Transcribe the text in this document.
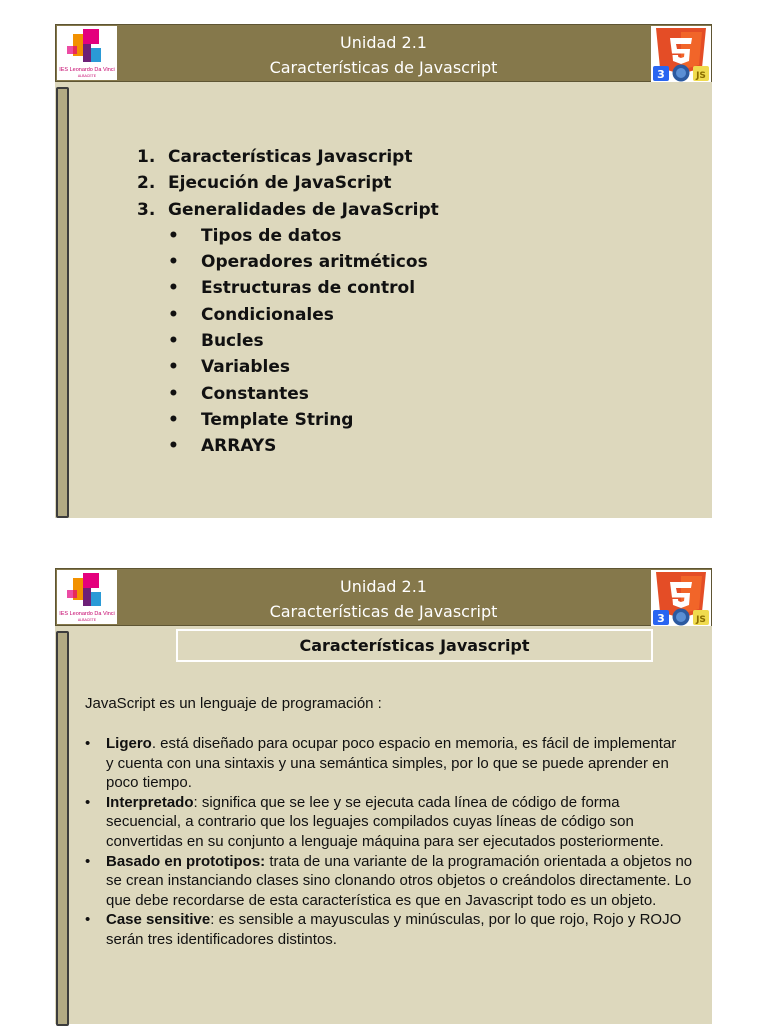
IES Leonardo Da Vinci
ALBACETE
Unidad 2.1
Características de Javascript	3	JS
1. Características Javascript
2. Ejecución de JavaScript
3. Generalidades de JavaScript
• Tipos de datos
• Operadores aritméticos
• Estructuras de control
• Condicionales
• Bucles
• Variables
• Constantes
• Template String
• ARRAYS
IES Leonardo Da Vinci
ALBACETE
Unidad 2.1
Características de Javascript	3	JS
Características Javascript
JavaScript es un lenguaje de programación :
• Ligero. está diseñado para ocupar poco espacio en memoria, es fácil de implementar
y cuenta con una sintaxis y una semántica simples, por lo que se puede aprender en poco tiempo.
• Interpretado: significa que se lee y se ejecuta cada línea de código de forma secuencial, a contrario que los leguajes compilados cuyas líneas de código son convertidas en su conjunto a lenguaje máquina para ser ejecutados posteriormente.
• Basado en prototipos: trata de una variante de la programación orientada a objetos no se crean instanciando clases sino clonando otros objetos o creándolos directamente. Lo que debe recordarse de esta característica es que en Javascript todo es un objeto.
• Case sensitive: es sensible a mayusculas y minúsculas, por lo que rojo, Rojo y ROJO serán tres identificadores distintos.
